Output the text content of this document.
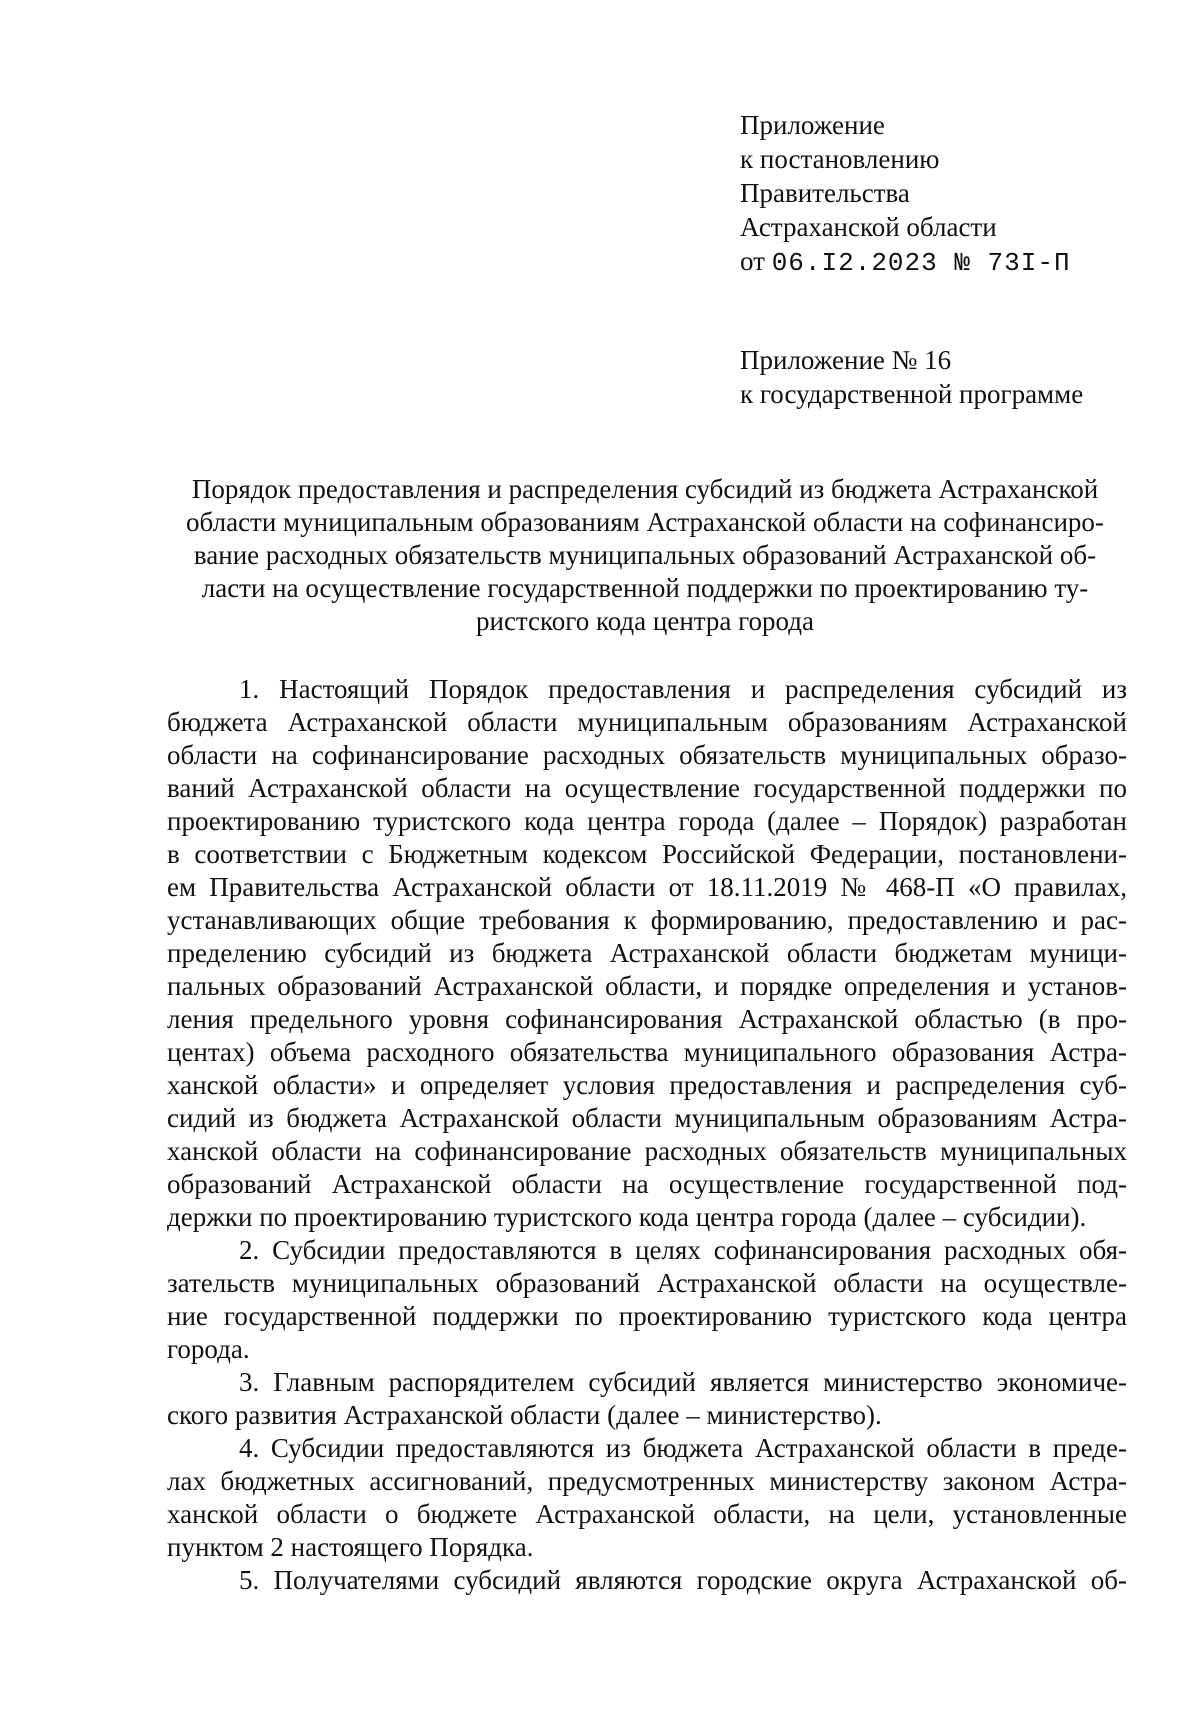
Приложение
к постановлению
Правительства
Астраханской области
от 06.I2.2023 № 73I-П
Приложение № 16
к государственной программе
Порядок предоставления и распределения субсидий из бюджета Астраханской
области муниципальным образованиям Астраханской области на софинансиро-
вание расходных обязательств муниципальных образований Астраханской об-
ласти на осуществление государственной поддержки по проектированию ту-
ристского кода центра города
1. Настоящий Порядок предоставления и распределения субсидий из
бюджета Астраханской области муниципальным образованиям Астраханской
области на софинансирование расходных обязательств муниципальных образо-
ваний Астраханской области на осуществление государственной поддержки по
проектированию туристского кода центра города (далее – Порядок) разработан
в соответствии с Бюджетным кодексом Российской Федерации, постановлени-
ем Правительства Астраханской области от 18.11.2019 № 468-П «О правилах,
устанавливающих общие требования к формированию, предоставлению и рас-
пределению субсидий из бюджета Астраханской области бюджетам муници-
пальных образований Астраханской области, и порядке определения и установ-
ления предельного уровня софинансирования Астраханской областью (в про-
центах) объема расходного обязательства муниципального образования Астра-
ханской области» и определяет условия предоставления и распределения суб-
сидий из бюджета Астраханской области муниципальным образованиям Астра-
ханской области на софинансирование расходных обязательств муниципальных
образований Астраханской области на осуществление государственной под-
держки по проектированию туристского кода центра города (далее – субсидии).
2. Субсидии предоставляются в целях софинансирования расходных обя-
зательств муниципальных образований Астраханской области на осуществле-
ние государственной поддержки по проектированию туристского кода центра
города.
3. Главным распорядителем субсидий является министерство экономиче-
ского развития Астраханской области (далее – министерство).
4. Субсидии предоставляются из бюджета Астраханской области в преде-
лах бюджетных ассигнований, предусмотренных министерству законом Астра-
ханской области о бюджете Астраханской области, на цели, установленные
пунктом 2 настоящего Порядка.
5. Получателями субсидий являются городские округа Астраханской об-
